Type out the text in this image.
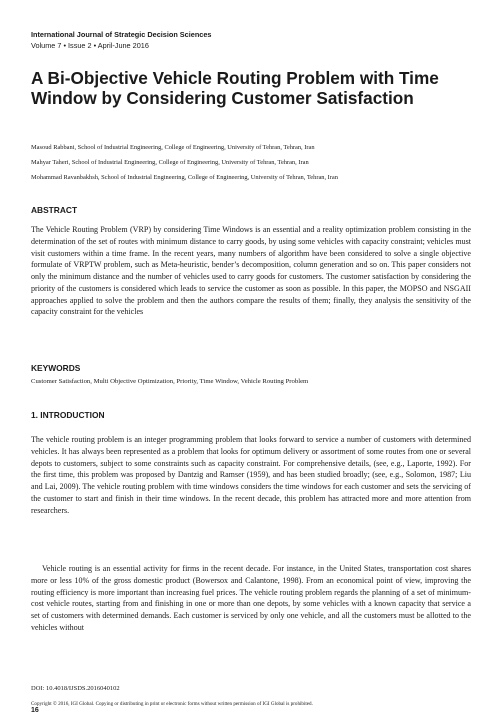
International Journal of Strategic Decision Sciences
Volume 7 • Issue 2 • April-June 2016
A Bi-Objective Vehicle Routing Problem with Time Window by Considering Customer Satisfaction
Masoud Rabbani, School of Industrial Engineering, College of Engineering, University of Tehran, Tehran, Iran
Mahyar Taheri, School of Industrial Engineering, College of Engineering, University of Tehran, Tehran, Iran
Mohammad Ravanbakhsh, School of Industrial Engineering, College of Engineering, University of Tehran, Tehran, Iran
ABSTRACT

The Vehicle Routing Problem (VRP) by considering Time Windows is an essential and a reality optimization problem consisting in the determination of the set of routes with minimum distance to carry goods, by using some vehicles with capacity constraint; vehicles must visit customers within a time frame. In the recent years, many numbers of algorithm have been considered to solve a single objective formulate of VRPTW problem, such as Meta-heuristic, bender’s decomposition, column generation and so on. This paper considers not only the minimum distance and the number of vehicles used to carry goods for customers. The customer satisfaction by considering the priority of the customers is considered which leads to service the customer as soon as possible. In this paper, the MOPSO and NSGAII approaches applied to solve the problem and then the authors compare the results of them; finally, they analysis the sensitivity of the capacity constraint for the vehicles

KEYWORDS
Customer Satisfaction, Multi Objective Optimization, Priority, Time Window, Vehicle Routing Problem
1. INTRODUCTION

The vehicle routing problem is an integer programming problem that looks forward to service a number of customers with determined vehicles. It has always been represented as a problem that looks for optimum delivery or assortment of some routes from one or several depots to customers, subject to some constraints such as capacity constraint. For comprehensive details, (see, e.g., Laporte, 1992). For the first time, this problem was proposed by Dantzig and Ramser (1959), and has been studied broadly; (see, e.g., Solomon, 1987; Liu and Lai, 2009). The vehicle routing problem with time windows considers the time windows for each customer and sets the servicing of the customer to start and finish in their time windows. In the recent decade, this problem has attracted more and more attention from researchers.

Vehicle routing is an essential activity for firms in the recent decade. For instance, in the United States, transportation cost shares more or less 10% of the gross domestic product (Bowersox and Calantone, 1998). From an economical point of view, improving the routing efficiency is more important than increasing fuel prices. The vehicle routing problem regards the planning of a set of minimum-cost vehicle routes, starting from and finishing in one or more than one depots, by some vehicles with a known capacity that service a set of customers with determined demands. Each customer is serviced by only one vehicle, and all the customers must be allotted to the vehicles without

DOI: 10.4018/IJSDS.2016040102
Copyright © 2016, IGI Global. Copying or distributing in print or electronic forms without written permission of IGI Global is prohibited.
16
